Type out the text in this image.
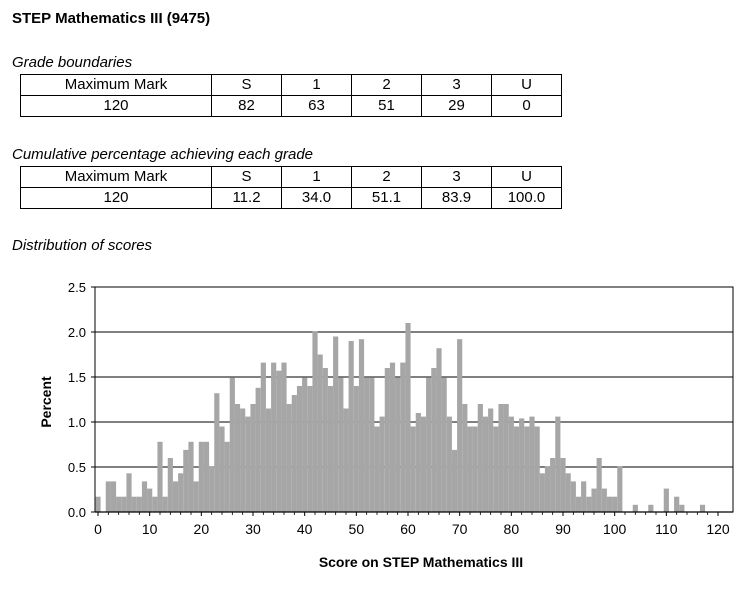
STEP Mathematics III (9475)
Grade boundaries
Maximum Mark	S	1	2	3	U
120	82	63	51	29	0
Cumulative percentage achieving each grade
Maximum Mark	S	1	2	3	U
120	11.2	34.0	51.1	83.9	100.0
Distribution of scores
0.0
0.5
1.0
1.5
2.0
2.5
0	10	20	30	40	50	60	70	80	90 100 110 120
Percent
Score on STEP Mathematics III
